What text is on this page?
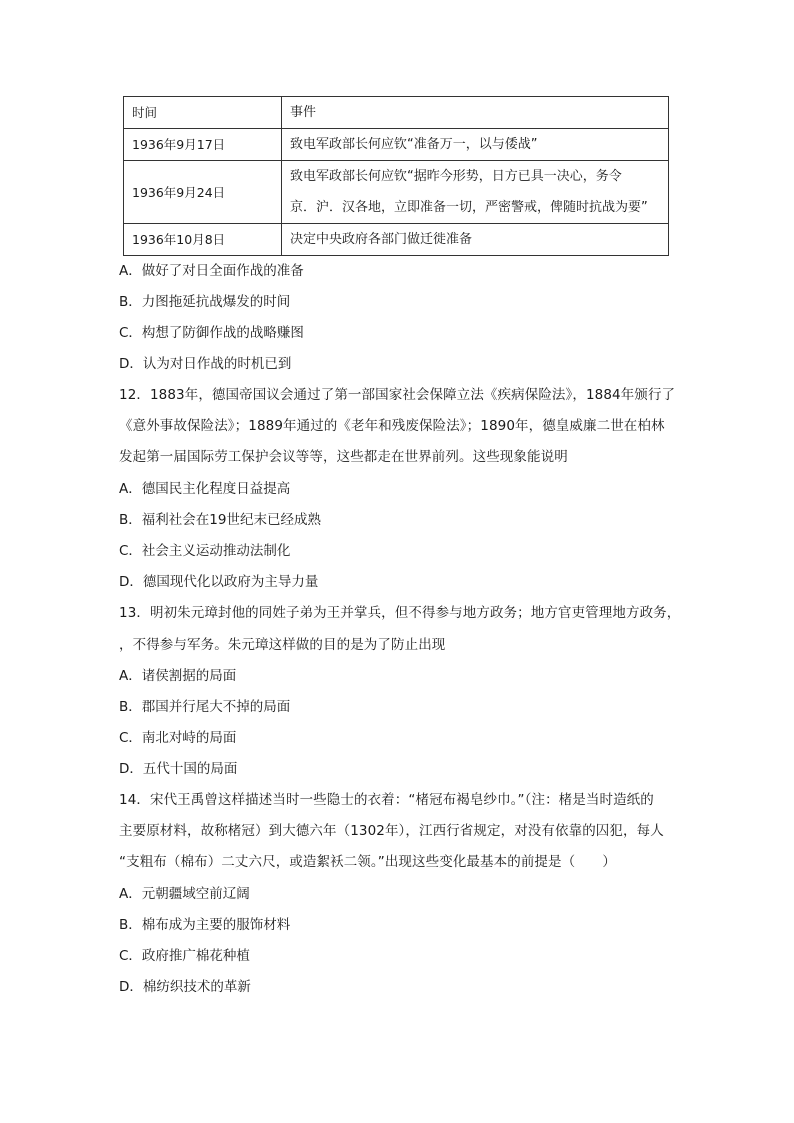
时间	事件
1936年9月17日	致电军政部长何应钦“准备万一，以与倭战”
1936年9月24日	致电军政部长何应钦“据昨今形势，日方已具一决心，务令
京．沪．汉各地，立即准备一切，严密警戒，俾随时抗战为要”

1936年10月8日	决定中央政府各部门做迁徙准备
A．做好了对日全面作战的准备
B．力图拖延抗战爆发的时间
C．构想了防御作战的战略赚图
D．认为对日作战的时机已到
12．1883年，德国帝国议会通过了第一部国家社会保障立法《疾病保险法》，1884年颁行了
《意外事故保险法》；1889年通过的《老年和残废保险法》；1890年，德皇威廉二世在柏林
发起第一届国际劳工保护会议等等，这些都走在世界前列。这些现象能说明
A．德国民主化程度日益提高
B．福利社会在19世纪末已经成熟
C．社会主义运动推动法制化
D．德国现代化以政府为主导力量
13．明初朱元璋封他的同姓子弟为王并掌兵，但不得参与地方政务；地方官吏管理地方政务，
，不得参与军务。朱元璋这样做的目的是为了防止出现
A．诸侯割据的局面
B．郡国并行尾大不掉的局面
C．南北对峙的局面
D．五代十国的局面
14．宋代王禹曾这样描述当时一些隐士的衣着：“楮冠布褐皂纱巾。”（注：楮是当时造纸的
主要原材料，故称楮冠）到大德六年（1302年），江西行省规定，对没有依靠的囚犯，每人
“支粗布（棉布）二丈六尺，或造絮袄二领。”出现这些变化最基本的前提是（　　）
A．元朝疆域空前辽阔
B．棉布成为主要的服饰材料
C．政府推广棉花种植
D．棉纺织技术的革新
